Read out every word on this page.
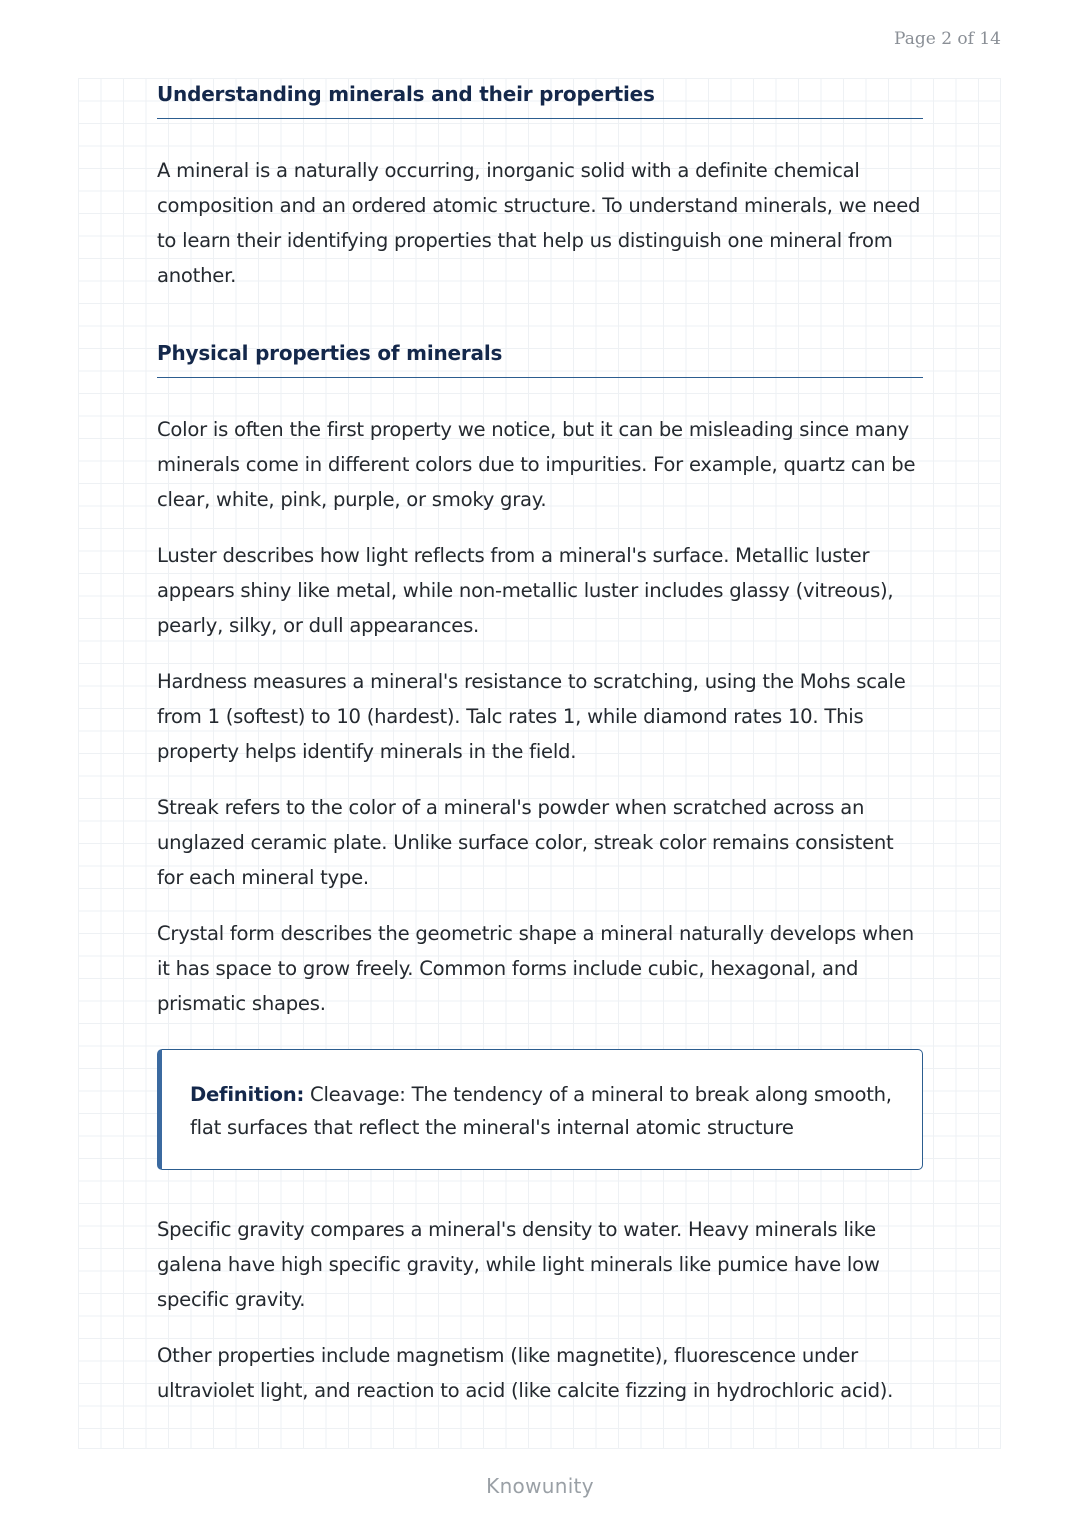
Page 2 of 14
Understanding minerals and their properties

A mineral is a naturally occurring, inorganic solid with a definite chemical composition and an ordered atomic structure. To understand minerals, we need to learn their identifying properties that help us distinguish one mineral from another.

Physical properties of minerals

Color is often the first property we notice, but it can be misleading since many minerals come in different colors due to impurities. For example, quartz can be clear, white, pink, purple, or smoky gray.

Luster describes how light reflects from a mineral's surface. Metallic luster appears shiny like metal, while non-metallic luster includes glassy (vitreous), pearly, silky, or dull appearances.

Hardness measures a mineral's resistance to scratching, using the Mohs scale from 1 (softest) to 10 (hardest). Talc rates 1, while diamond rates 10. This property helps identify minerals in the field.

Streak refers to the color of a mineral's powder when scratched across an unglazed ceramic plate. Unlike surface color, streak color remains consistent for each mineral type.

Crystal form describes the geometric shape a mineral naturally develops when it has space to grow freely. Common forms include cubic, hexagonal, and prismatic shapes.

Definition: Cleavage: The tendency of a mineral to break along smooth, flat surfaces that reflect the mineral's internal atomic structure

Specific gravity compares a mineral's density to water. Heavy minerals like galena have high specific gravity, while light minerals like pumice have low specific gravity.

Other properties include magnetism (like magnetite), fluorescence under ultraviolet light, and reaction to acid (like calcite fizzing in hydrochloric acid).

Knowunity
